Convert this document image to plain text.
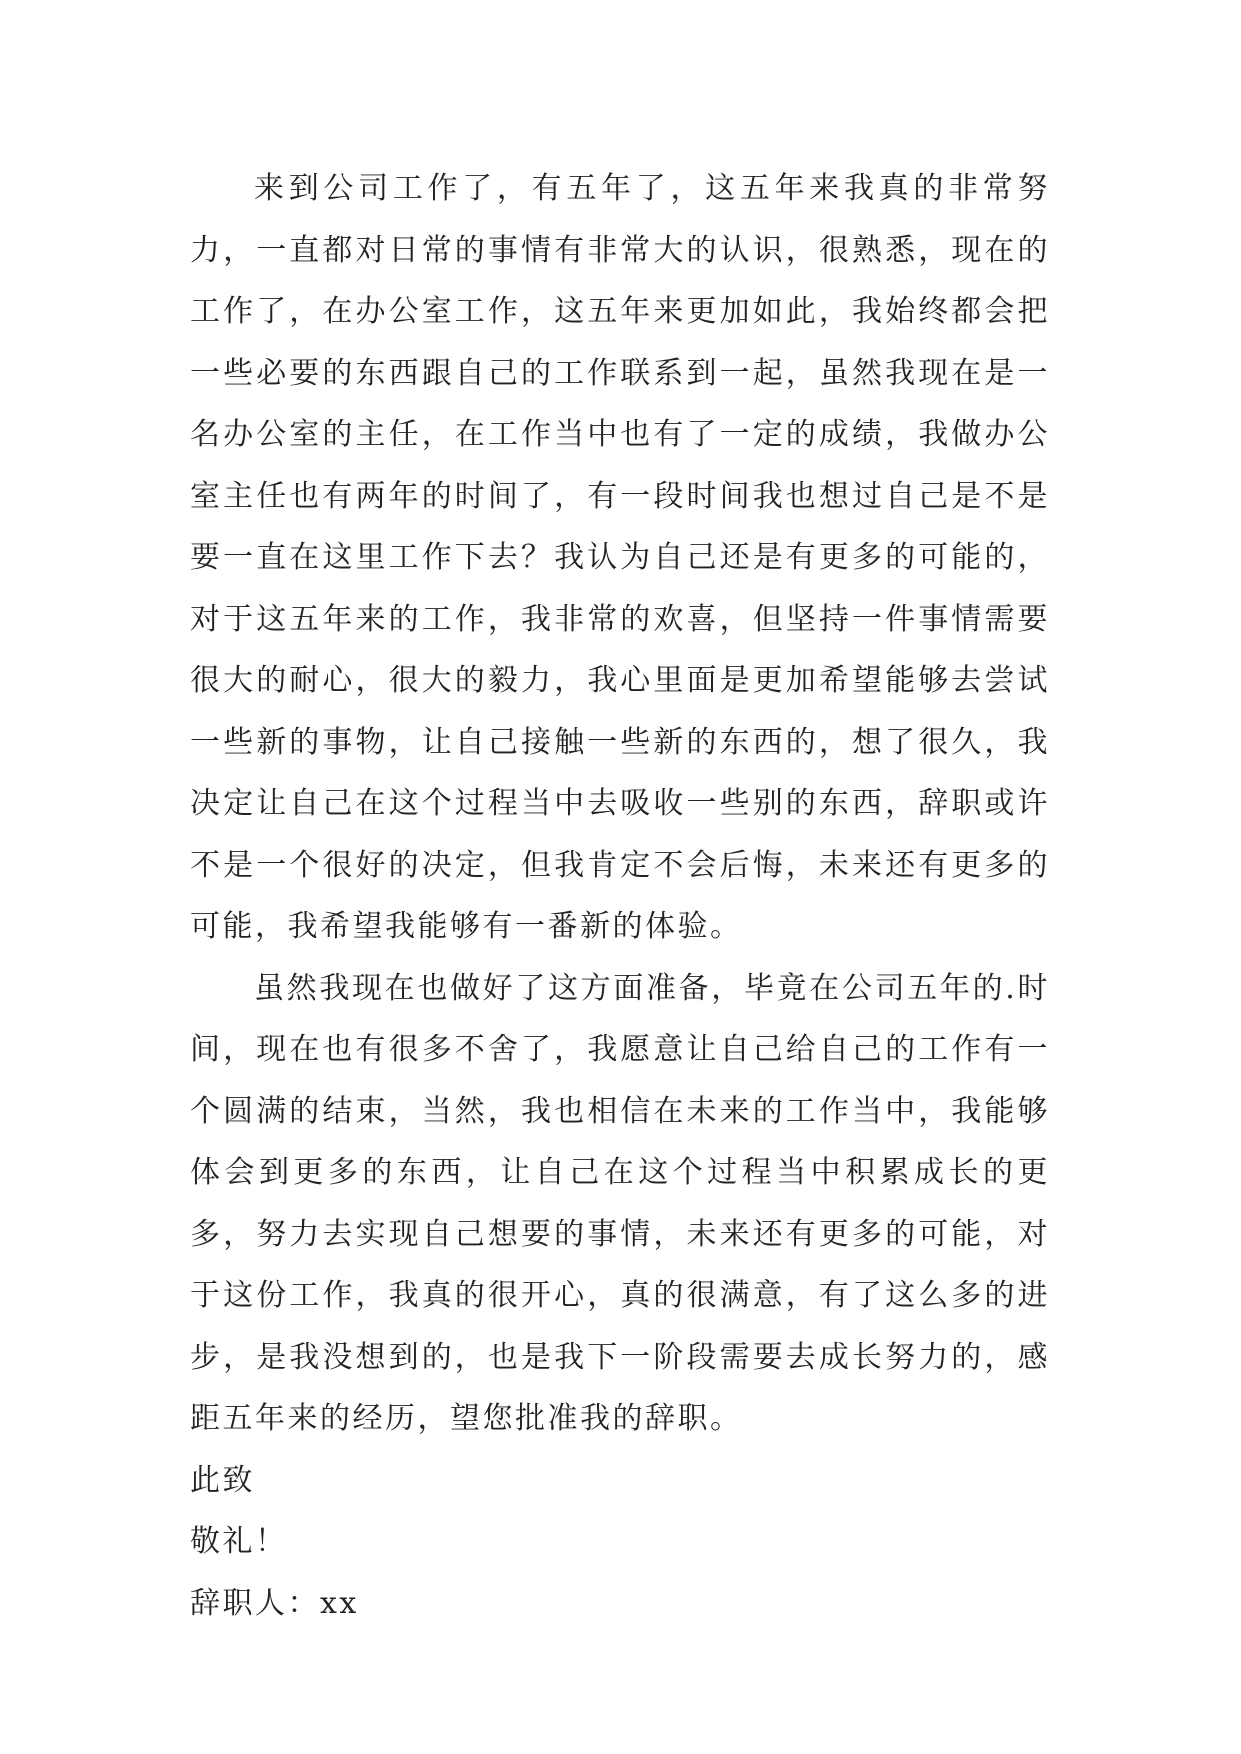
来到公司工作了，有五年了，这五年来我真的非常努力，一直都对日常的事情有非常大的认识，很熟悉，现在的工作了，在办公室工作，这五年来更加如此，我始终都会把一些必要的东西跟自己的工作联系到一起，虽然我现在是一名办公室的主任，在工作当中也有了一定的成绩，我做办公室主任也有两年的时间了，有一段时间我也想过自己是不是要一直在这里工作下去？我认为自己还是有更多的可能的，对于这五年来的工作，我非常的欢喜，但坚持一件事情需要很大的耐心，很大的毅力，我心里面是更加希望能够去尝试一些新的事物，让自己接触一些新的东西的，想了很久，我决定让自己在这个过程当中去吸收一些别的东西，辞职或许不是一个很好的决定，但我肯定不会后悔，未来还有更多的可能，我希望我能够有一番新的体验。

虽然我现在也做好了这方面准备，毕竟在公司五年的.时间，现在也有很多不舍了，我愿意让自己给自己的工作有一个圆满的结束，当然，我也相信在未来的工作当中，我能够体会到更多的东西，让自己在这个过程当中积累成长的更多，努力去实现自己想要的事情，未来还有更多的可能，对于这份工作，我真的很开心，真的很满意，有了这么多的进步，是我没想到的，也是我下一阶段需要去成长努力的，感距五年来的经历，望您批准我的辞职。

此致

敬礼！

辞职人：xx
